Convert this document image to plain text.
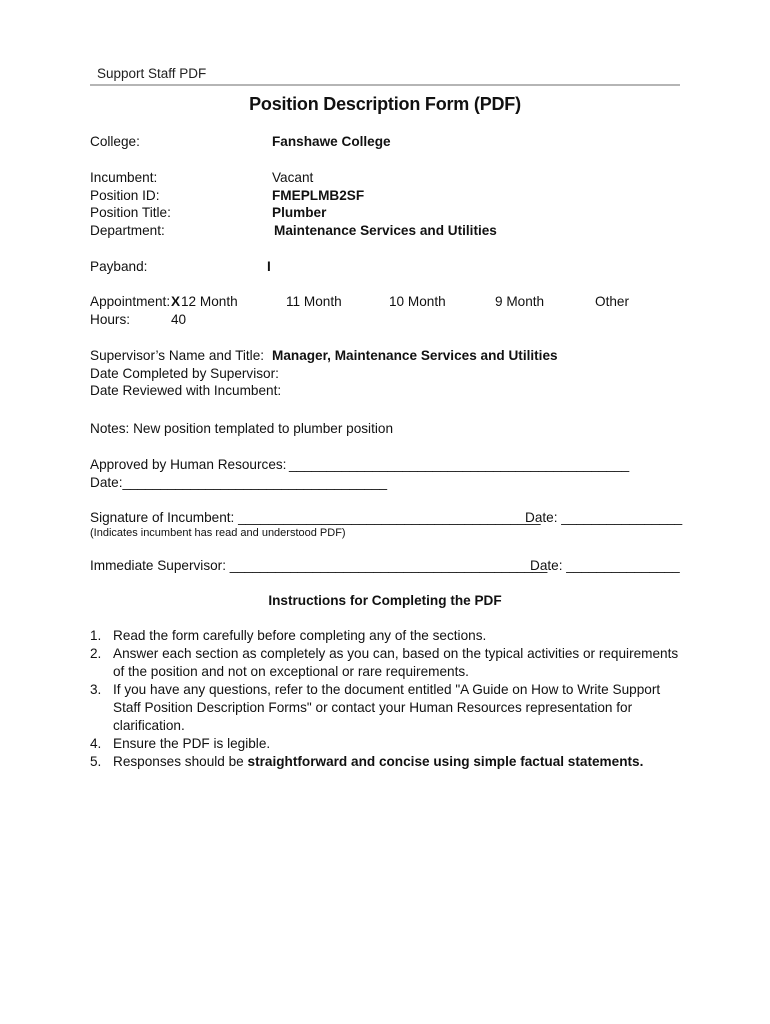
Support Staff PDF
Position Description Form (PDF)
College:	Fanshawe College
Incumbent:	Vacant
Position ID:	FMEPLMB2SF
Position Title:	Plumber
Department:	Maintenance Services and Utilities
Payband:	I
Appointment: X 12 Month	11 Month	10 Month	9 Month	Other
Hours:	40
Supervisor’s Name and Title: Manager, Maintenance Services and Utilities
Date Completed by Supervisor:
Date Reviewed with Incumbent:
Notes: New position templated to plumber position
Approved by Human Resources: _____________________________________________
Date:___________________________________
Signature of Incumbent: ________________________________________
Date: ________________
(Indicates incumbent has read and understood PDF)
Immediate Supervisor: __________________________________________
Date: _______________
Instructions for Completing the PDF
1. Read the form carefully before completing any of the sections.
2. Answer each section as completely as you can, based on the typical activities or requirements of the position and not on exceptional or rare requirements.
3. If you have any questions, refer to the document entitled "A Guide on How to Write Support Staff Position Description Forms" or contact your Human Resources representation for clarification.
4. Ensure the PDF is legible.
5. Responses should be straightforward and concise using simple factual statements.
